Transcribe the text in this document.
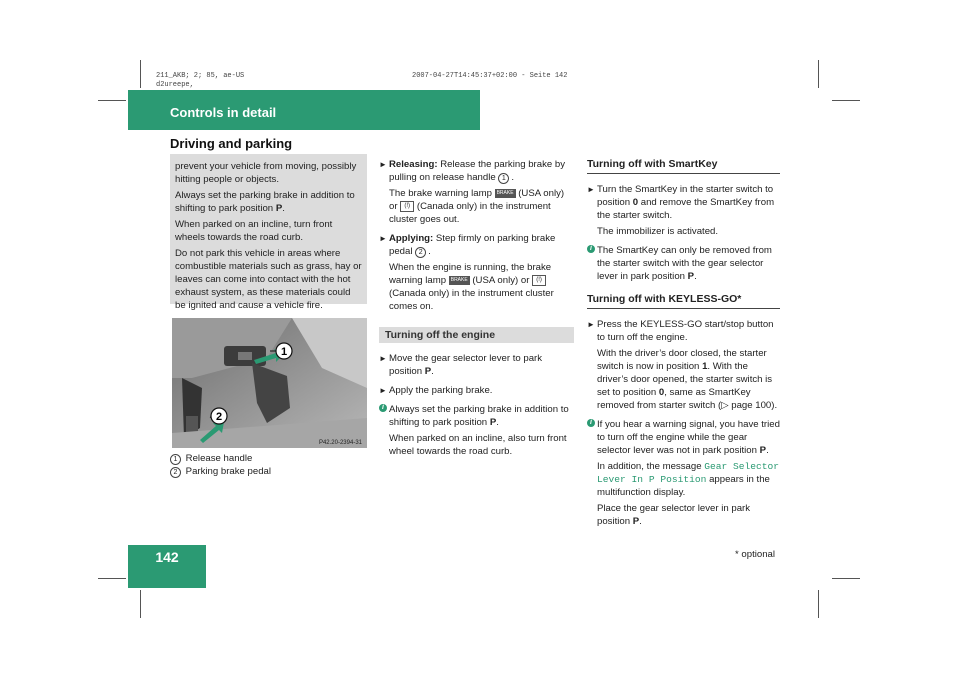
211_AKB; 2; 85, ae-US
d2ureepe,
2007-04-27T14:45:37+02:00 - Seite 142
Controls in detail
Driving and parking
142
prevent your vehicle from moving, possibly hitting people or objects.
Always set the parking brake in addition to shifting to park position P.
When parked on an incline, turn front wheels towards the road curb.
Do not park this vehicle in areas where combustible materials such as grass, hay or leaves can come into contact with the hot exhaust system, as these materials could be ignited and cause a vehicle fire.
1
2
P42.20-2394-31
1 Release handle
2 Parking brake pedal
► Releasing: Release the parking brake by pulling on release handle 1 .
The brake warning lamp BRAKE (USA only) or (!) (Canada only) in the instrument cluster goes out.
► Applying: Step firmly on parking brake pedal 2 .
When the engine is running, the brake warning lamp BRAKE (USA only) or (!) (Canada only) in the instrument cluster comes on.
Turning off the engine
► Move the gear selector lever to park position P.
► Apply the parking brake.
i Always set the parking brake in addition to shifting to park position P.
When parked on an incline, also turn front wheel towards the road curb.
Turning off with SmartKey
► Turn the SmartKey in the starter switch to position 0 and remove the SmartKey from the starter switch.
The immobilizer is activated.
i The SmartKey can only be removed from the starter switch with the gear selector lever in park position P.
Turning off with KEYLESS-GO*
► Press the KEYLESS-GO start/stop button to turn off the engine.
With the driver’s door closed, the starter switch is now in position 1. With the driver’s door opened, the starter switch is set to position 0, same as SmartKey removed from starter switch (▷ page 100).
i If you hear a warning signal, you have tried to turn off the engine while the gear selector lever was not in park position P.
In addition, the message Gear Selector Lever In P Position appears in the multifunction display.
Place the gear selector lever in park position P.
* optional
